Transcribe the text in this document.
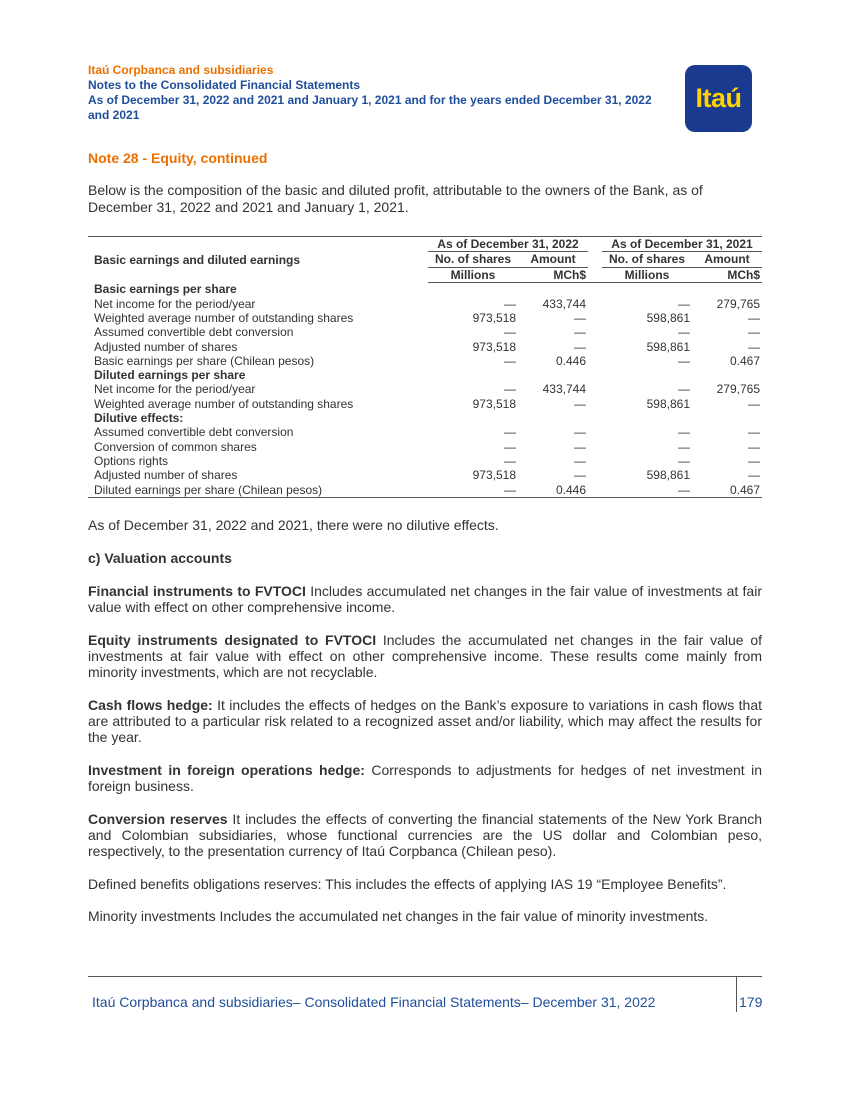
Itaú Corpbanca and subsidiaries
Notes to the Consolidated Financial Statements
As of December 31, 2022 and 2021 and January 1, 2021 and for the years ended December 31, 2022
and 2021
Itaú
Note 28 - Equity, continued
Below is the composition of the basic and diluted profit, attributable to the owners of the Bank, as of December 31, 2022 and 2021 and January 1, 2021.
Basic earnings and diluted earnings	As of December 31, 2022			As of December 31, 2021	
	No. of shares	Amount		No. of shares	Amount
	Millions	MCh$		Millions	MCh$
Basic earnings per share					
Net income for the period/year	—	433,744		—	279,765
Weighted average number of outstanding shares	973,518	—		598,861	—
Assumed convertible debt conversion	—	—		—	—
Adjusted number of shares	973,518	—		598,861	—
Basic earnings per share (Chilean pesos)	—	0.446		—	0.467
Diluted earnings per share					
Net income for the period/year	—	433,744		—	279,765
Weighted average number of outstanding shares	973,518	—		598,861	—
Dilutive effects:					
Assumed convertible debt conversion	—	—		—	—
Conversion of common shares	—	—		—	—
Options rights	—	—		—	—
Adjusted number of shares	973,518	—		598,861	—
Diluted earnings per share (Chilean pesos)	—	0.446		—	0.467
As of December 31, 2022 and 2021, there were no dilutive effects.
c) Valuation accounts
Financial instruments to FVTOCI Includes accumulated net changes in the fair value of investments at fair value with effect on other comprehensive income.
Equity instruments designated to FVTOCI Includes the accumulated net changes in the fair value of investments at fair value with effect on other comprehensive income. These results come mainly from minority investments, which are not recyclable.
Cash flows hedge: It includes the effects of hedges on the Bank’s exposure to variations in cash flows that are attributed to a particular risk related to a recognized asset and/or liability, which may affect the results for the year.
Investment in foreign operations hedge: Corresponds to adjustments for hedges of net investment in foreign business.
Conversion reserves It includes the effects of converting the financial statements of the New York Branch and Colombian subsidiaries, whose functional currencies are the US dollar and Colombian peso, respectively, to the presentation currency of Itaú Corpbanca (Chilean peso).
Defined benefits obligations reserves: This includes the effects of applying IAS 19 “Employee Benefits”.
Minority investments Includes the accumulated net changes in the fair value of minority investments.
Itaú Corpbanca and subsidiaries– Consolidated Financial Statements– December 31, 2022	179
